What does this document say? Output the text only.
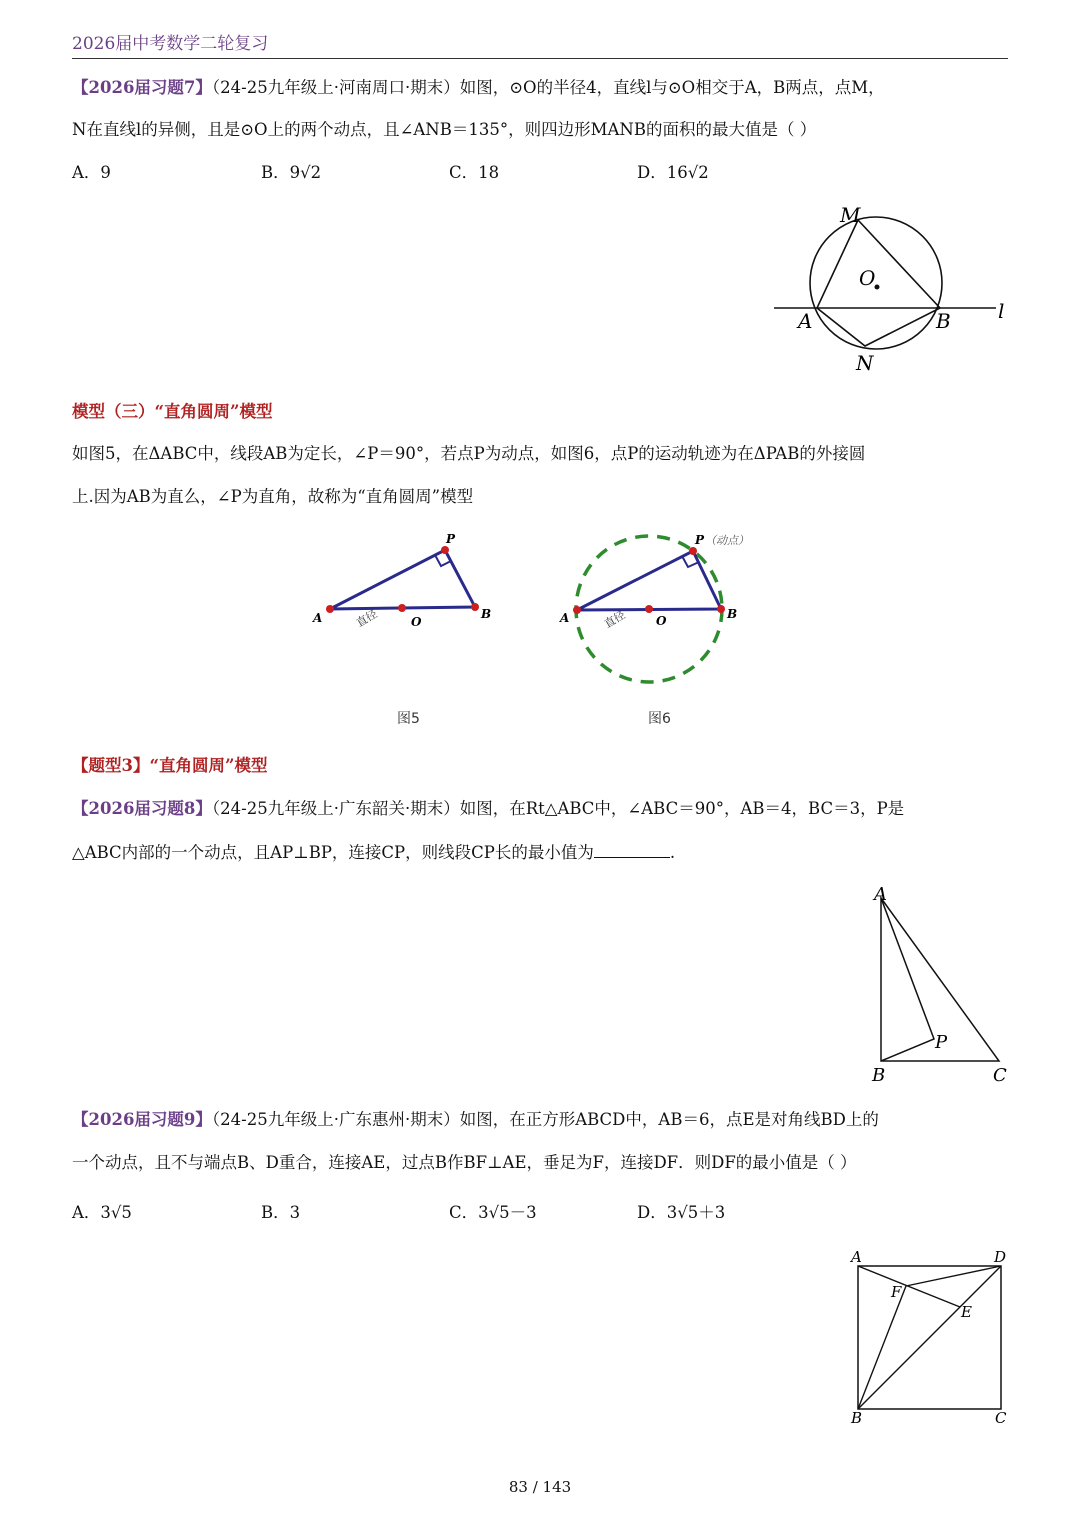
2026届中考数学二轮复习
【2026届习题7】（24-25九年级上·河南周口·期末）如图，⊙O的半径4，直线l与⊙O相交于A，B两点，点M，
N在直线l的异侧，且是⊙O上的两个动点，且∠ANB＝135°，则四边形MANB的面积的最大值是（ ）
A．9	B．9√2	C．18	D．16√2
M
O
A	B
N
l
模型（三）“直角圆周”模型
如图5，在ΔABC中，线段AB为定长，∠P＝90°，若点P为动点，如图6，点P的运动轨迹为在ΔPAB的外接圆
上.因为AB为直么，∠P为直角，故称为“直角圆周”模型
A
P
B
O
直径
图5
A
P （动点）
B
O
直径
图6
【题型3】“直角圆周”模型
【2026届习题8】（24-25九年级上·广东韶关·期末）如图，在Rt△ABC中，∠ABC＝90°，AB＝4，BC＝3，P是
△ABC内部的一个动点，且AP⊥BP，连接CP，则线段CP长的最小值为	.
A
B	C
P
【2026届习题9】（24-25九年级上·广东惠州·期末）如图，在正方形ABCD中，AB＝6，点E是对角线BD上的
一个动点，且不与端点B、D重合，连接AE，过点B作BF⊥AE，垂足为F，连接DF．则DF的最小值是（ ）
A．3√5	B．3	C．3√5－3	D．3√5＋3
A	D
B	C
F
E
83 / 143
